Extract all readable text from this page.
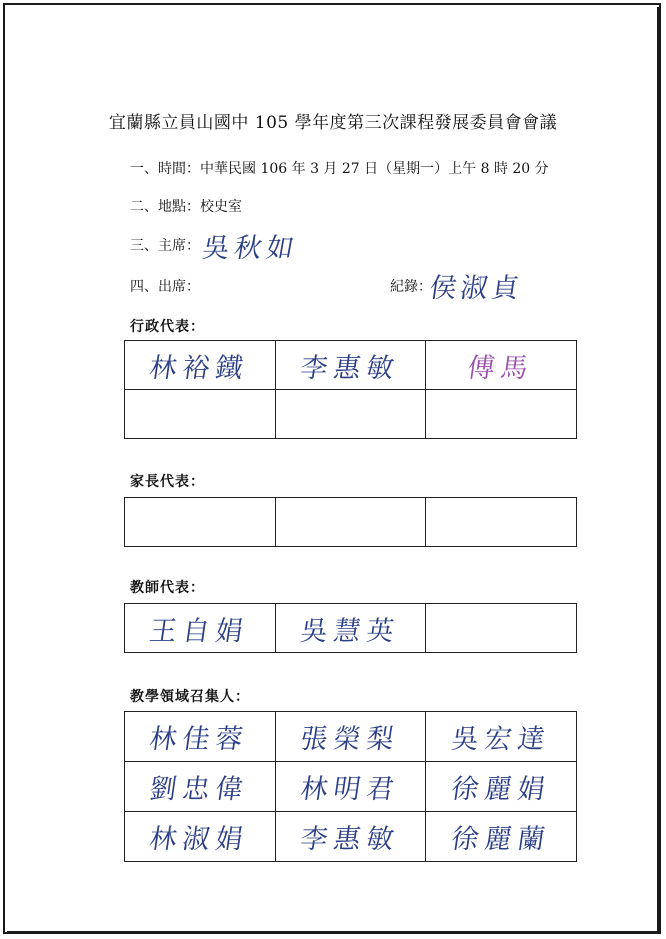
宜蘭縣立員山國中 105 學年度第三次課程發展委員會會議
一、時間：中華民國 106 年 3 月 27 日（星期一）上午 8 時 20 分
二、地點：校史室
三、主席： 吳秋如
四、出席：	紀錄：
侯淑貞
行政代表：
林裕鐵	李惠敏	傅馬

家長代表：

教師代表：
王自娟	吳慧英	
教學領域召集人：
林佳蓉	張榮梨	吳宏達
劉忠偉	林明君	徐麗娟
林淑娟	李惠敏	徐麗蘭
